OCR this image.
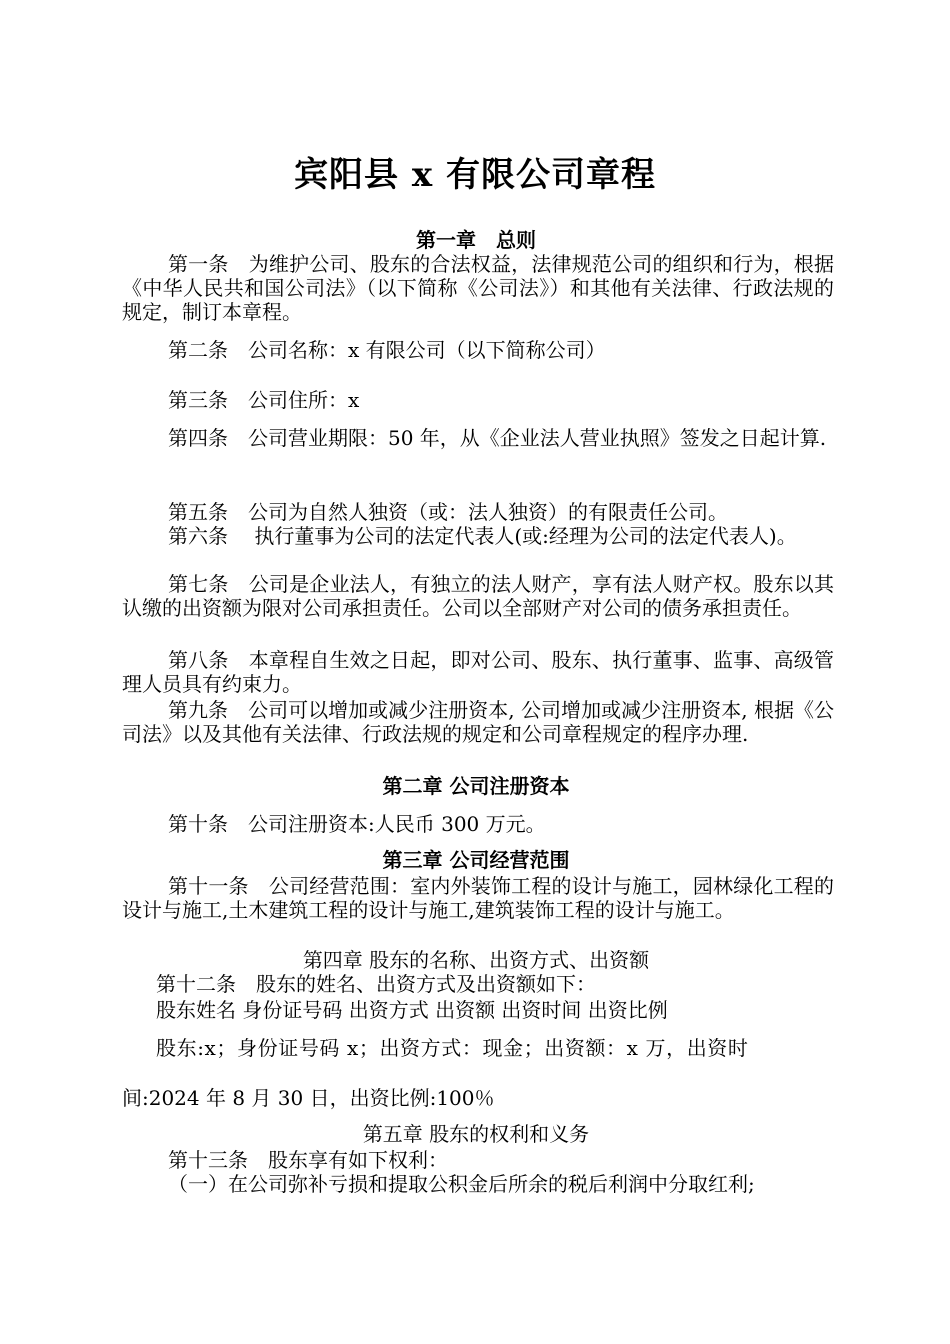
宾阳县 x 有限公司章程
第一章　总则
第一条　为维护公司、股东的合法权益，法律规范公司的组织和行为，根据《中华人民共和国公司法》（以下简称《公司法》）和其他有关法律、行政法规的规定，制订本章程。
第二条　公司名称：x 有限公司（以下简称公司）
第三条　公司住所：x
第四条　公司营业期限：50 年，从《企业法人营业执照》签发之日起计算.
第五条　公司为自然人独资（或：法人独资）的有限责任公司。
第六条　 执行董事为公司的法定代表人(或:经理为公司的法定代表人)。
第七条　公司是企业法人，有独立的法人财产，享有法人财产权。股东以其认缴的出资额为限对公司承担责任。公司以全部财产对公司的债务承担责任。
第八条　本章程自生效之日起，即对公司、股东、执行董事、监事、高级管理人员具有约束力。
第九条　公司可以增加或减少注册资本, 公司增加或减少注册资本, 根据《公司法》以及其他有关法律、行政法规的规定和公司章程规定的程序办理.
第二章 公司注册资本
第十条　公司注册资本:人民币 300 万元。
第三章 公司经营范围
第十一条　公司经营范围：室内外装饰工程的设计与施工，园林绿化工程的设计与施工,土木建筑工程的设计与施工,建筑装饰工程的设计与施工。
第四章 股东的名称、出资方式、出资额
第十二条　股东的姓名、出资方式及出资额如下：
股东姓名 身份证号码 出资方式 出资额 出资时间 出资比例
股东:x；身份证号码 x；出资方式：现金；出资额：x 万，出资时
间:2024 年 8 月 30 日，出资比例:100％
第五章 股东的权利和义务
第十三条　股东享有如下权利：
（一）在公司弥补亏损和提取公积金后所余的税后利润中分取红利;
